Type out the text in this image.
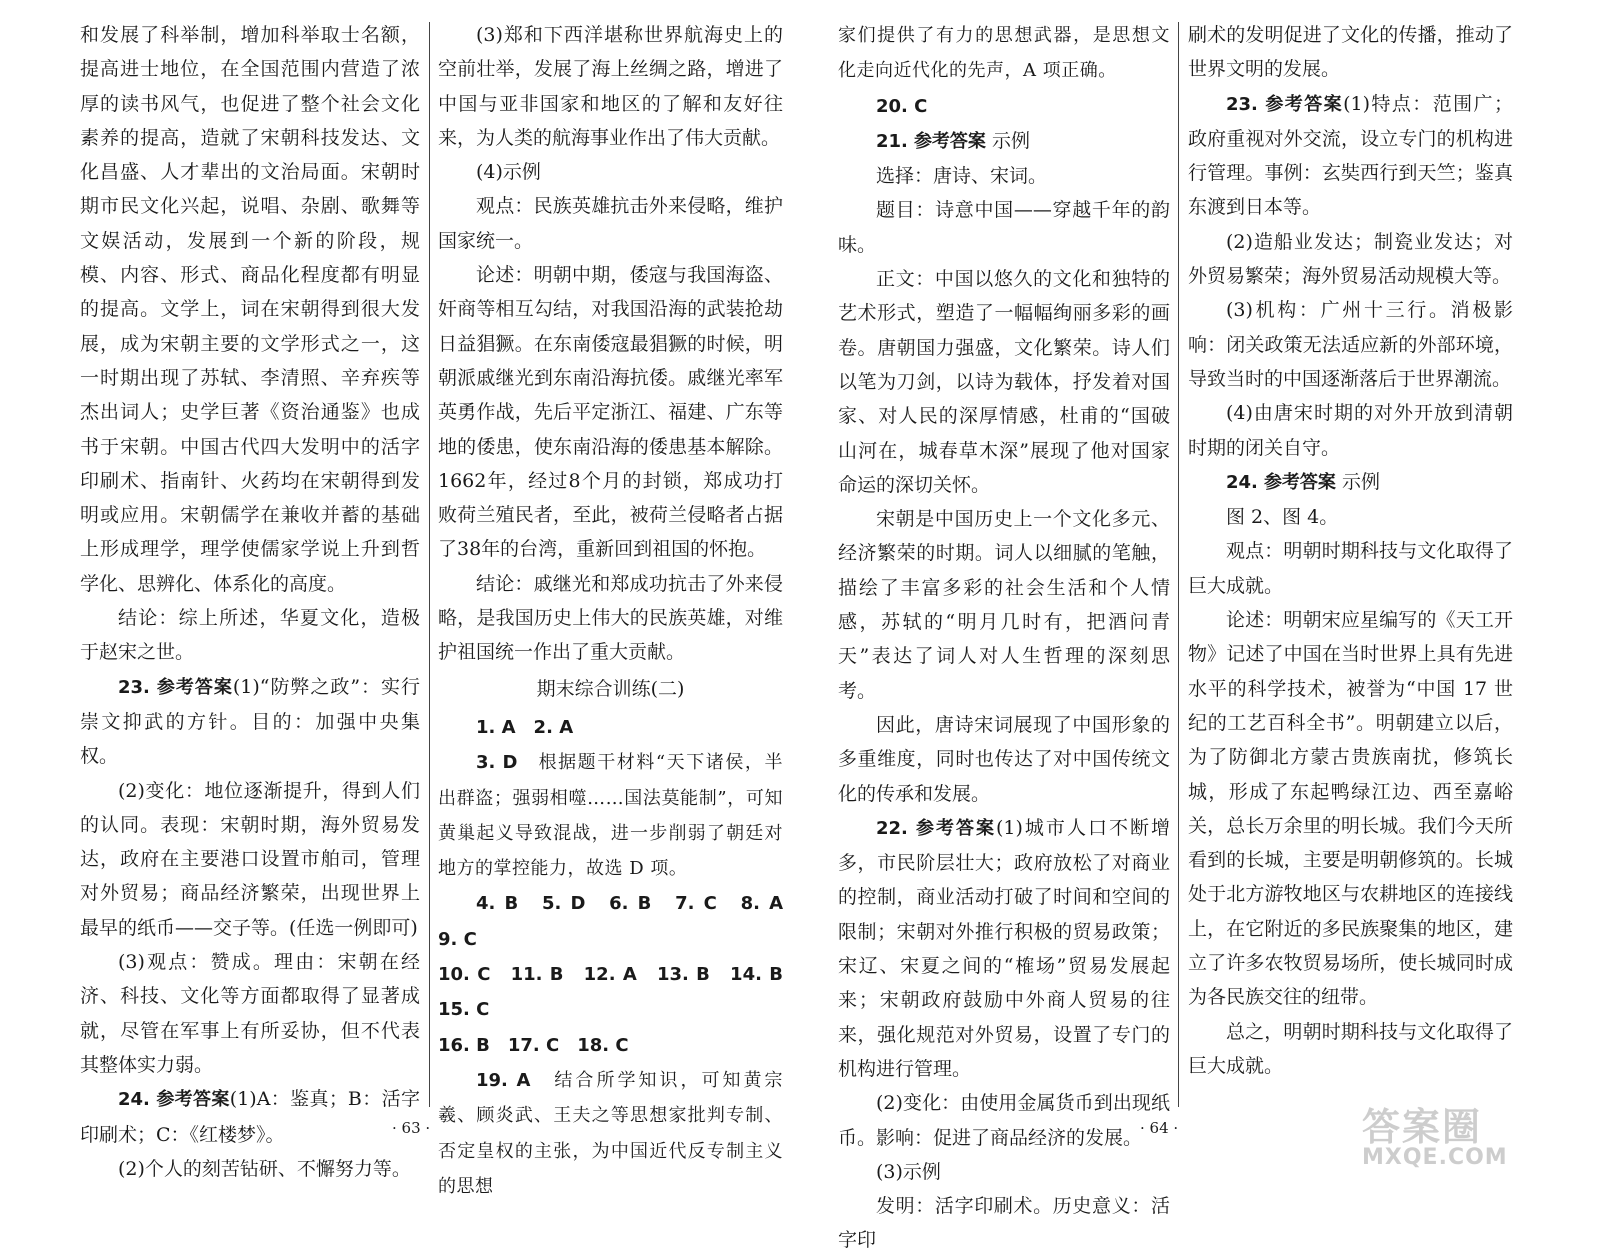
和发展了科举制，增加科举取士名额，提高进士地位，在全国范围内营造了浓厚的读书风气，也促进了整个社会文化素养的提高，造就了宋朝科技发达、文化昌盛、人才辈出的文治局面。宋朝时期市民文化兴起，说唱、杂剧、歌舞等文娱活动，发展到一个新的阶段，规模、内容、形式、商品化程度都有明显的提高。文学上，词在宋朝得到很大发展，成为宋朝主要的文学形式之一，这一时期出现了苏轼、李清照、辛弃疾等杰出词人；史学巨著《资治通鉴》也成书于宋朝。中国古代四大发明中的活字印刷术、指南针、火药均在宋朝得到发明或应用。宋朝儒学在兼收并蓄的基础上形成理学，理学使儒家学说上升到哲学化、思辨化、体系化的高度。

结论：综上所述，华夏文化，造极于赵宋之世。

23. 参考答案(1)“防弊之政”：实行崇文抑武的方针。目的：加强中央集权。

(2)变化：地位逐渐提升，得到人们的认同。表现：宋朝时期，海外贸易发达，政府在主要港口设置市舶司，管理对外贸易；商品经济繁荣，出现世界上最早的纸币——交子等。(任选一例即可)

(3)观点：赞成。理由：宋朝在经济、科技、文化等方面都取得了显著成就，尽管在军事上有所妥协，但不代表其整体实力弱。

24. 参考答案(1)A：鉴真；B：活字印刷术；C：《红楼梦》。

(2)个人的刻苦钻研、不懈努力等。

(3)郑和下西洋堪称世界航海史上的空前壮举，发展了海上丝绸之路，增进了中国与亚非国家和地区的了解和友好往来，为人类的航海事业作出了伟大贡献。

(4)示例

观点：民族英雄抗击外来侵略，维护国家统一。

论述：明朝中期，倭寇与我国海盗、奸商等相互勾结，对我国沿海的武装抢劫日益猖獗。在东南倭寇最猖獗的时候，明朝派戚继光到东南沿海抗倭。戚继光率军英勇作战，先后平定浙江、福建、广东等地的倭患，使东南沿海的倭患基本解除。1662年，经过8个月的封锁，郑成功打败荷兰殖民者，至此，被荷兰侵略者占据了38年的台湾，重新回到祖国的怀抱。

结论：戚继光和郑成功抗击了外来侵略，是我国历史上伟大的民族英雄，对维护祖国统一作出了重大贡献。

期末综合训练(二)

1. A　2. A

3. D　 根据题干材料“天下诸侯，半出群盗；强弱相噬……国法莫能制”，可知黄巢起义导致混战，进一步削弱了朝廷对地方的掌控能力，故选 D 项。

4. B　5. D　6. B　7. C　8. A　9. C

10. C　11. B　12. A　13. B　14. B　15. C

16. B　17. C　18. C

19. A　 结合所学知识，可知黄宗羲、顾炎武、王夫之等思想家批判专制、否定皇权的主张，为中国近代反专制主义的思想

· 63 ·

家们提供了有力的思想武器，是思想文化走向近代化的先声，A 项正确。

20. C

21. 参考答案 示例

选择：唐诗、宋词。

题目：诗意中国——穿越千年的韵味。

正文：中国以悠久的文化和独特的艺术形式，塑造了一幅幅绚丽多彩的画卷。唐朝国力强盛，文化繁荣。诗人们以笔为刀剑，以诗为载体，抒发着对国家、对人民的深厚情感，杜甫的“国破山河在，城春草木深”展现了他对国家命运的深切关怀。

宋朝是中国历史上一个文化多元、经济繁荣的时期。词人以细腻的笔触，描绘了丰富多彩的社会生活和个人情感，苏轼的“明月几时有，把酒问青天”表达了词人对人生哲理的深刻思考。

因此，唐诗宋词展现了中国形象的多重维度，同时也传达了对中国传统文化的传承和发展。

22. 参考答案(1)城市人口不断增多，市民阶层壮大；政府放松了对商业的控制，商业活动打破了时间和空间的限制；宋朝对外推行积极的贸易政策；宋辽、宋夏之间的“榷场”贸易发展起来；宋朝政府鼓励中外商人贸易的往来，强化规范对外贸易，设置了专门的机构进行管理。

(2)变化：由使用金属货币到出现纸币。影响：促进了商品经济的发展。

(3)示例

发明：活字印刷术。历史意义：活字印

刷术的发明促进了文化的传播，推动了世界文明的发展。

23. 参考答案(1)特点：范围广；政府重视对外交流，设立专门的机构进行管理。事例：玄奘西行到天竺；鉴真东渡到日本等。

(2)造船业发达；制瓷业发达；对外贸易繁荣；海外贸易活动规模大等。

(3)机构：广州十三行。消极影响：闭关政策无法适应新的外部环境，导致当时的中国逐渐落后于世界潮流。

(4)由唐宋时期的对外开放到清朝时期的闭关自守。

24. 参考答案 示例

图 2、图 4。

观点：明朝时期科技与文化取得了巨大成就。

论述：明朝宋应星编写的《天工开物》记述了中国在当时世界上具有先进水平的科学技术，被誉为“中国 17 世纪的工艺百科全书”。明朝建立以后，为了防御北方蒙古贵族南扰，修筑长城，形成了东起鸭绿江边、西至嘉峪关，总长万余里的明长城。我们今天所看到的长城，主要是明朝修筑的。长城处于北方游牧地区与农耕地区的连接线上，在它附近的多民族聚集的地区，建立了许多农牧贸易场所，使长城同时成为各民族交往的纽带。

总之，明朝时期科技与文化取得了巨大成就。

· 64 ·	答案圈
MXQE.COM
